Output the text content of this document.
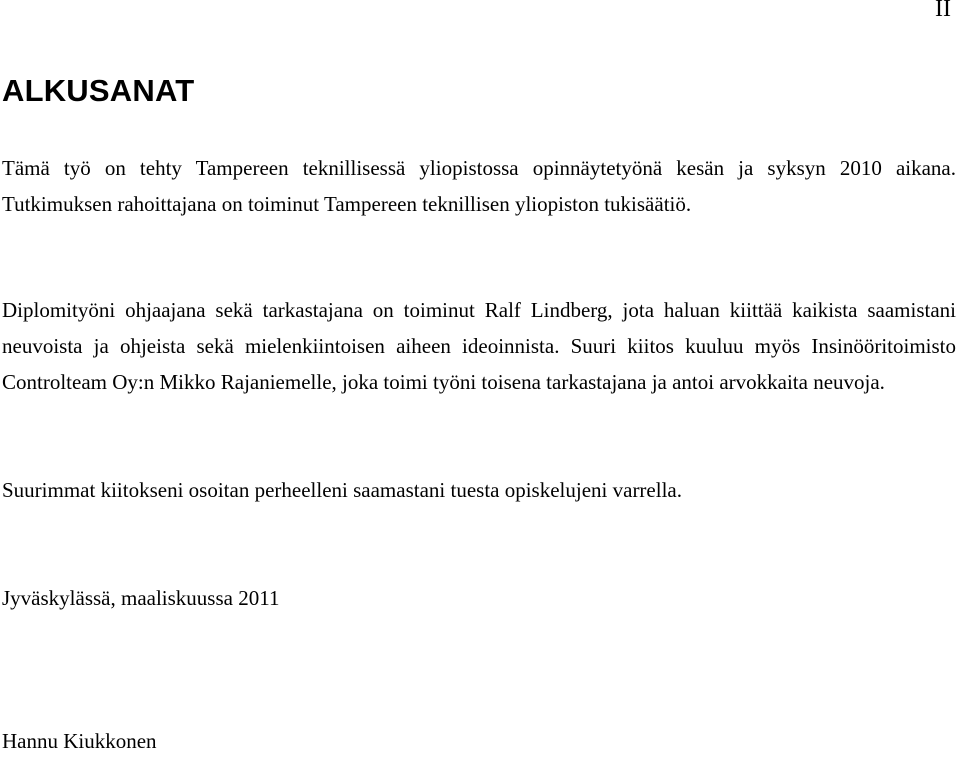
II
ALKUSANAT

Tämä työ on tehty Tampereen teknillisessä yliopistossa opinnäytetyönä kesän ja syksyn 2010 aikana. Tutkimuksen rahoittajana on toiminut Tampereen teknillisen yliopiston tukisäätiö.

Diplomityöni ohjaajana sekä tarkastajana on toiminut Ralf Lindberg, jota haluan kiittää kaikista saamistani neuvoista ja ohjeista sekä mielenkiintoisen aiheen ideoinnista. Suuri kiitos kuuluu myös Insinööritoimisto Controlteam Oy:n Mikko Rajaniemelle, joka toimi työni toisena tarkastajana ja antoi arvokkaita neuvoja.

Suurimmat kiitokseni osoitan perheelleni saamastani tuesta opiskelujeni varrella.

Jyväskylässä, maaliskuussa 2011

Hannu Kiukkonen
